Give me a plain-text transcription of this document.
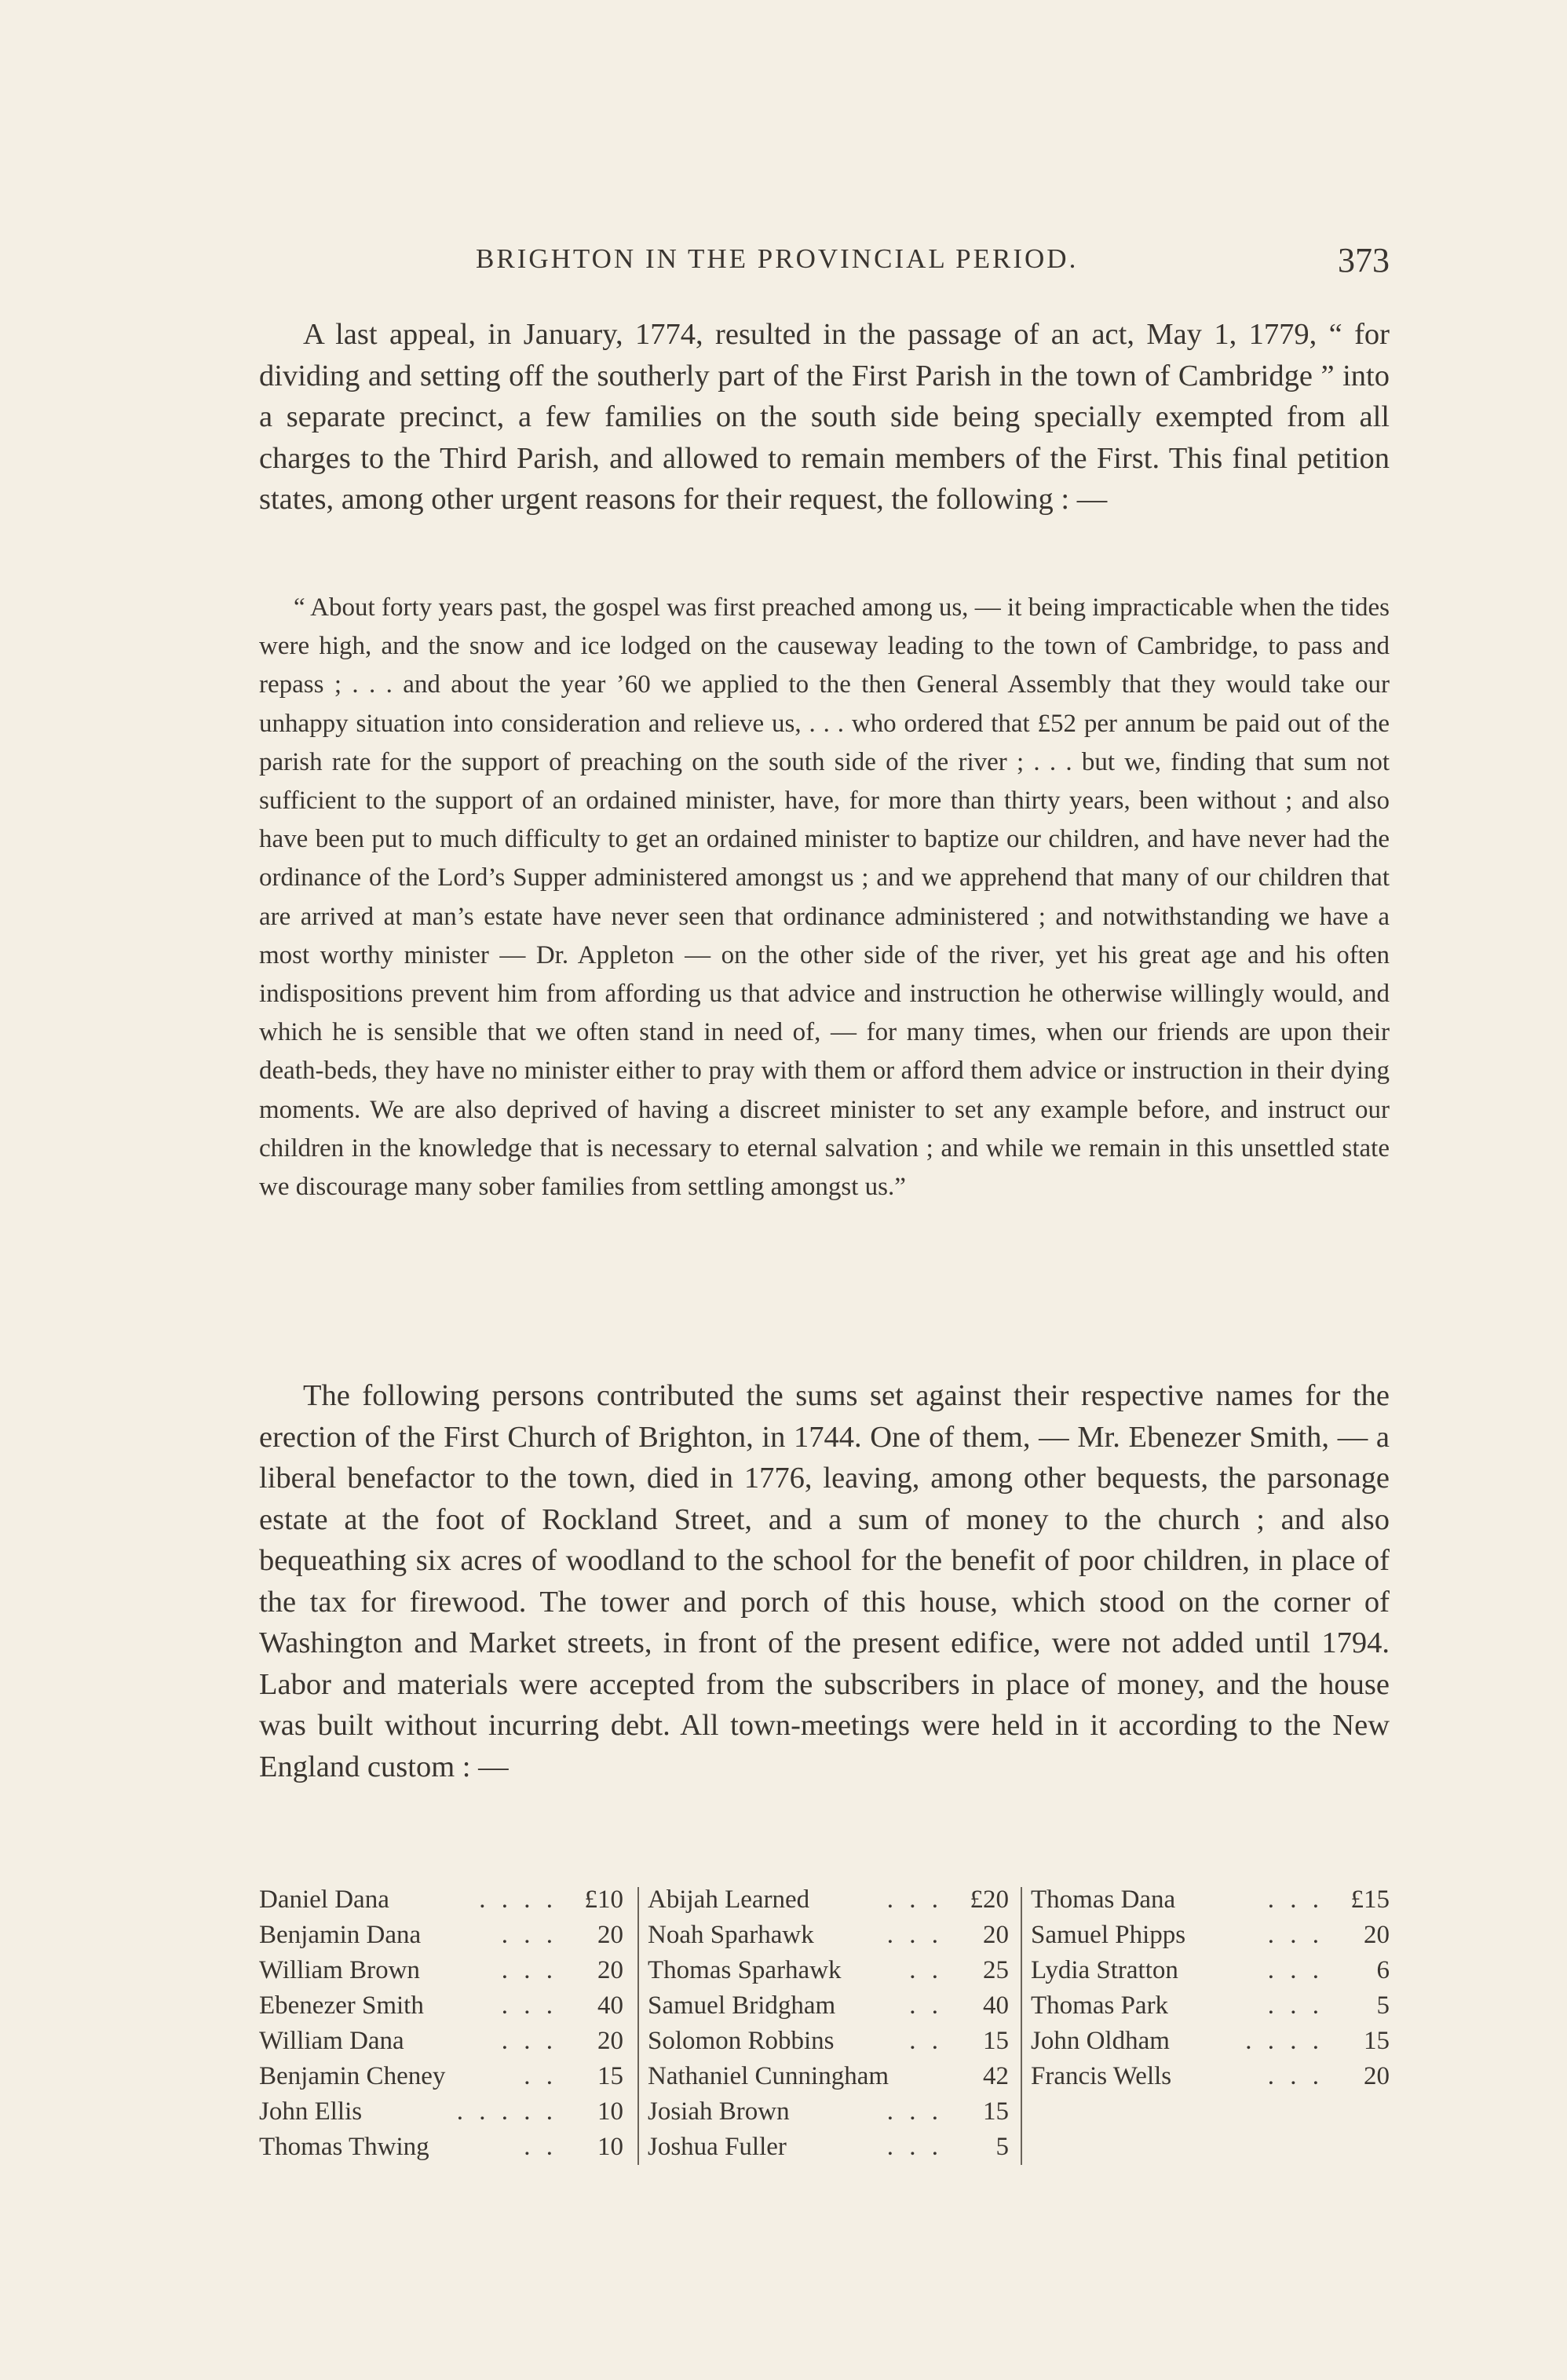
BRIGHTON IN THE PROVINCIAL PERIOD.	373

A last appeal, in January, 1774, resulted in the passage of an act, May 1, 1779, “ for dividing and setting off the southerly part of the First Parish in the town of Cambridge ” into a separate precinct, a few families on the south side being specially exempted from all charges to the Third Parish, and allowed to remain members of the First. This final petition states, among other urgent reasons for their request, the following : —

“ About forty years past, the gospel was first preached among us, — it being impracticable when the tides were high, and the snow and ice lodged on the causeway leading to the town of Cambridge, to pass and repass ; . . . and about the year ’60 we applied to the then General Assembly that they would take our unhappy situation into consideration and relieve us, . . . who ordered that £52 per annum be paid out of the parish rate for the support of preaching on the south side of the river ; . . . but we, finding that sum not sufficient to the support of an ordained minister, have, for more than thirty years, been without ; and also have been put to much difficulty to get an ordained minister to baptize our children, and have never had the ordinance of the Lord’s Supper administered amongst us ; and we apprehend that many of our children that are arrived at man’s estate have never seen that ordinance administered ; and notwithstanding we have a most worthy minister — Dr. Appleton — on the other side of the river, yet his great age and his often indispositions prevent him from affording us that advice and instruction he otherwise willingly would, and which he is sensible that we often stand in need of, — for many times, when our friends are upon their death-beds, they have no minister either to pray with them or afford them advice or instruction in their dying moments. We are also deprived of having a discreet minister to set any example before, and instruct our children in the knowledge that is necessary to eternal salvation ; and while we remain in this unsettled state we discourage many sober families from settling amongst us.”

The following persons contributed the sums set against their respective names for the erection of the First Church of Brighton, in 1744. One of them, — Mr. Ebenezer Smith, — a liberal benefactor to the town, died in 1776, leaving, among other bequests, the parsonage estate at the foot of Rockland Street, and a sum of money to the church ; and also bequeathing six acres of woodland to the school for the benefit of poor children, in place of the tax for firewood. The tower and porch of this house, which stood on the corner of Washington and Market streets, in front of the present edifice, were not added until 1794. Labor and materials were accepted from the subscribers in place of money, and the house was built without incurring debt. All town-meetings were held in it according to the New England custom : —

Daniel Dana	. . . . £10
Benjamin Dana	. . . 20
William Brown	. . . 20
Ebenezer Smith	. . . 40
William Dana	. . . 20
Benjamin Cheney	. . 15
John Ellis	. . . . . 10
Thomas Thwing	. . 10
Abijah Learned	. . . £20
Noah Sparhawk	. . . 20
Thomas Sparhawk	. . 25
Samuel Bridgham	. . 40
Solomon Robbins	. . 15
Nathaniel Cunningham	42
Josiah Brown	. . . 15
Joshua Fuller	. . . 5
Thomas Dana	. . . £15
Samuel Phipps	. . . 20
Lydia Stratton	. . . 6
Thomas Park	. . . 5
John Oldham	. . . . 15
Francis Wells	. . . 20
